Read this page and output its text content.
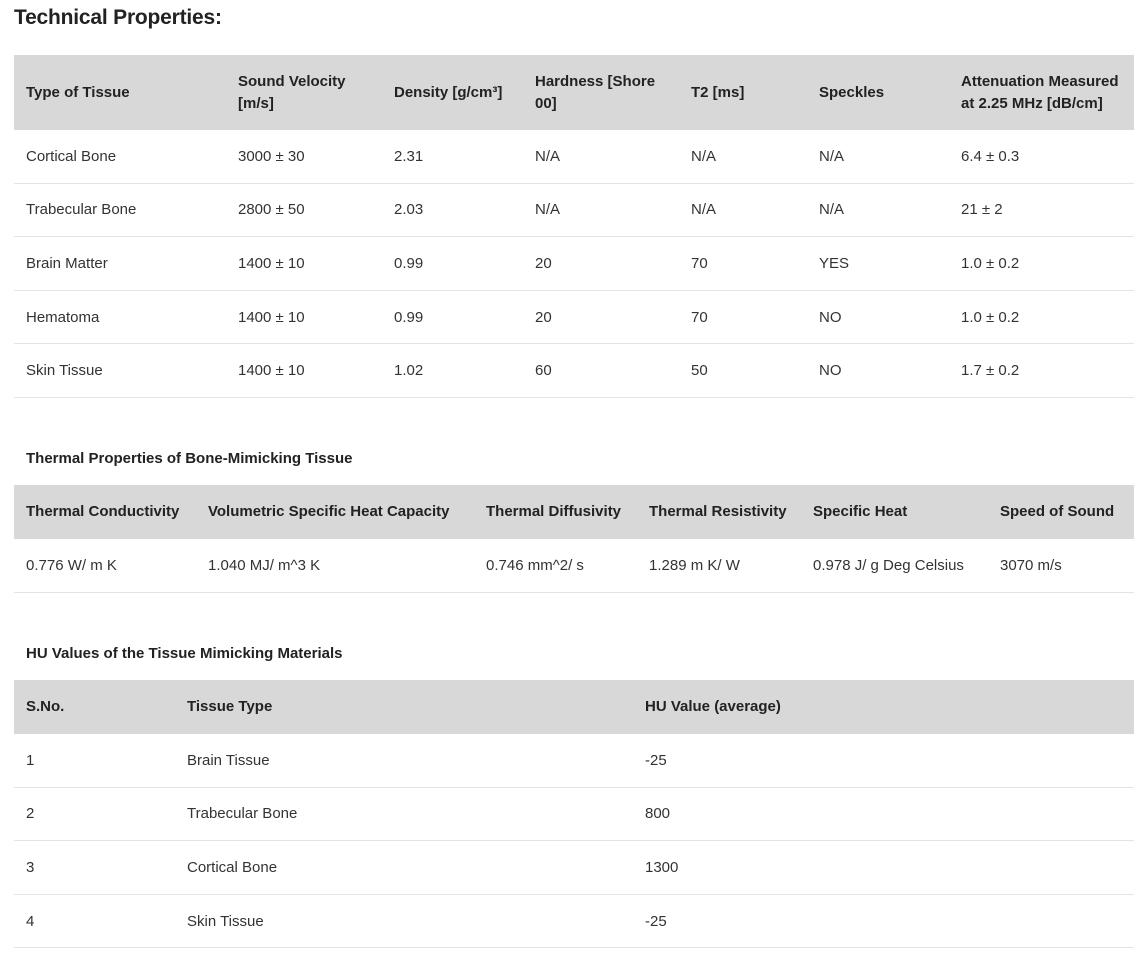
Technical Properties:
Type of Tissue	Sound Velocity [m/s]	Density [g/cm³]	Hardness [Shore 00]	T2 [ms]	Speckles	Attenuation Measured at 2.25 MHz [dB/cm]
Cortical Bone	3000 ± 30	2.31	N/A	N/A	N/A	6.4 ± 0.3
Trabecular Bone	2800 ± 50	2.03	N/A	N/A	N/A	21 ± 2
Brain Matter	1400 ± 10	0.99	20	70	YES	1.0 ± 0.2
Hematoma	1400 ± 10	0.99	20	70	NO	1.0 ± 0.2
Skin Tissue	1400 ± 10	1.02	60	50	NO	1.7 ± 0.2

Thermal Properties of Bone-Mimicking Tissue

Thermal Conductivity	Volumetric Specific Heat Capacity	Thermal Diffusivity	Thermal Resistivity	Specific Heat	Speed of Sound
0.776 W/ m K	1.040 MJ/ m^3 K	0.746 mm^2/ s	1.289 m K/ W	0.978 J/ g Deg Celsius	3070 m/s

HU Values of the Tissue Mimicking Materials

S.No.	Tissue Type	HU Value (average)
1	Brain Tissue	-25
2	Trabecular Bone	800
3	Cortical Bone	1300
4	Skin Tissue	-25
